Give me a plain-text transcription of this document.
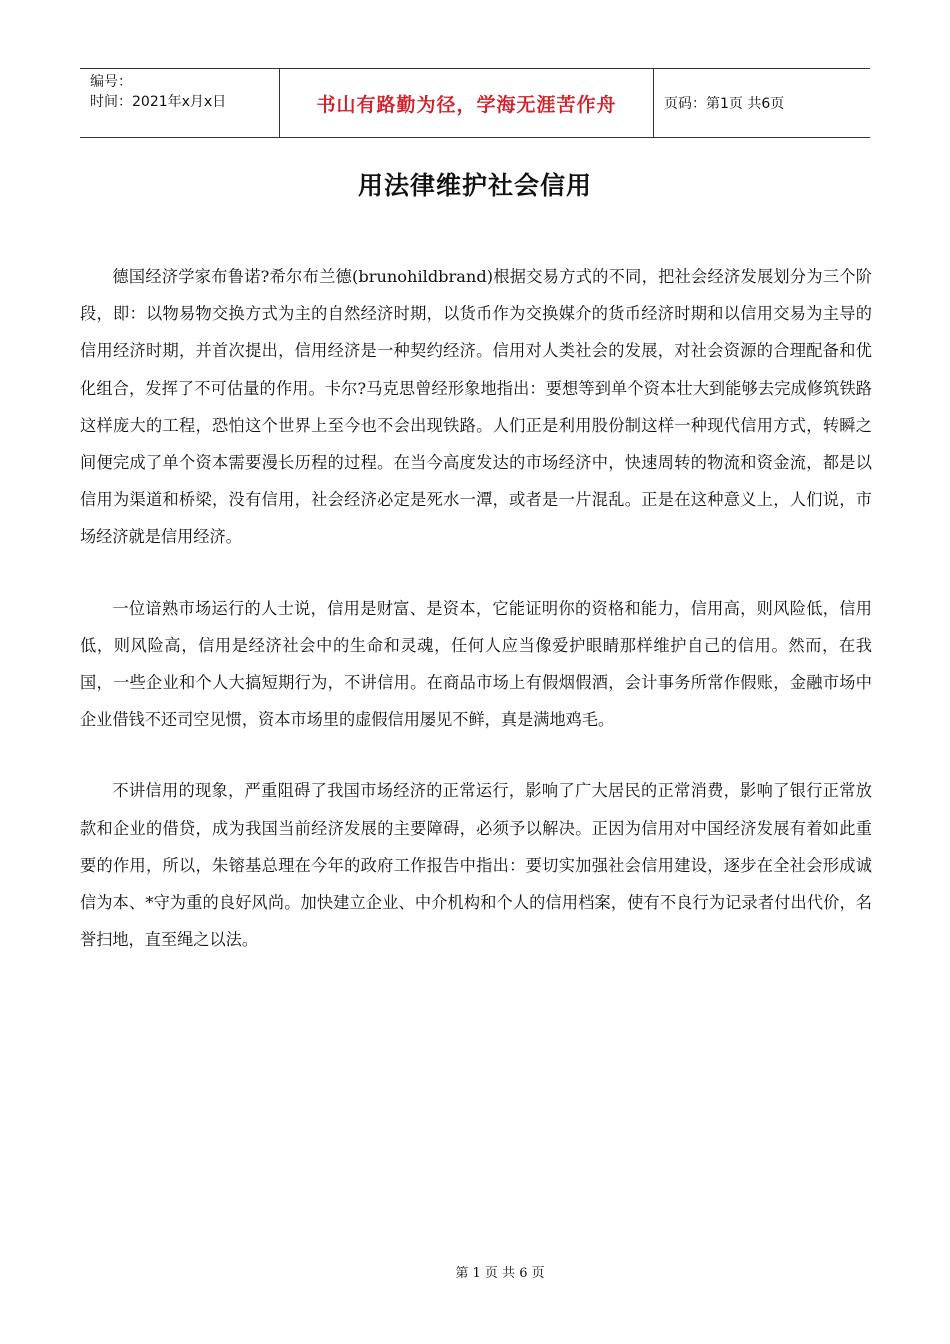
编号：
时间：2021年x月x日	书山有路勤为径，学海无涯苦作舟	页码：第1页 共6页
用法律维护社会信用

德国经济学家布鲁诺?希尔布兰德(brunohildbrand)根据交易方式的不同，把社会经济发展划分为三个阶段，即：以物易物交换方式为主的自然经济时期，以货币作为交换媒介的货币经济时期和以信用交易为主导的信用经济时期，并首次提出，信用经济是一种契约经济。信用对人类社会的发展，对社会资源的合理配备和优化组合，发挥了不可估量的作用。卡尔?马克思曾经形象地指出：要想等到单个资本壮大到能够去完成修筑铁路这样庞大的工程，恐怕这个世界上至今也不会出现铁路。人们正是利用股份制这样一种现代信用方式，转瞬之间便完成了单个资本需要漫长历程的过程。在当今高度发达的市场经济中，快速周转的物流和资金流，都是以信用为渠道和桥梁，没有信用，社会经济必定是死水一潭，或者是一片混乱。正是在这种意义上，人们说，市场经济就是信用经济。

一位谙熟市场运行的人士说，信用是财富、是资本，它能证明你的资格和能力，信用高，则风险低，信用低，则风险高，信用是经济社会中的生命和灵魂，任何人应当像爱护眼睛那样维护自己的信用。然而，在我国，一些企业和个人大搞短期行为，不讲信用。在商品市场上有假烟假酒，会计事务所常作假账，金融市场中企业借钱不还司空见惯，资本市场里的虚假信用屡见不鲜，真是满地鸡毛。

不讲信用的现象，严重阻碍了我国市场经济的正常运行，影响了广大居民的正常消费，影响了银行正常放款和企业的借贷，成为我国当前经济发展的主要障碍，必须予以解决。正因为信用对中国经济发展有着如此重要的作用，所以，朱镕基总理在今年的政府工作报告中指出：要切实加强社会信用建设，逐步在全社会形成诚信为本、*守为重的良好风尚。加快建立企业、中介机构和个人的信用档案，使有不良行为记录者付出代价，名誉扫地，直至绳之以法。

第 1 页 共 6 页
